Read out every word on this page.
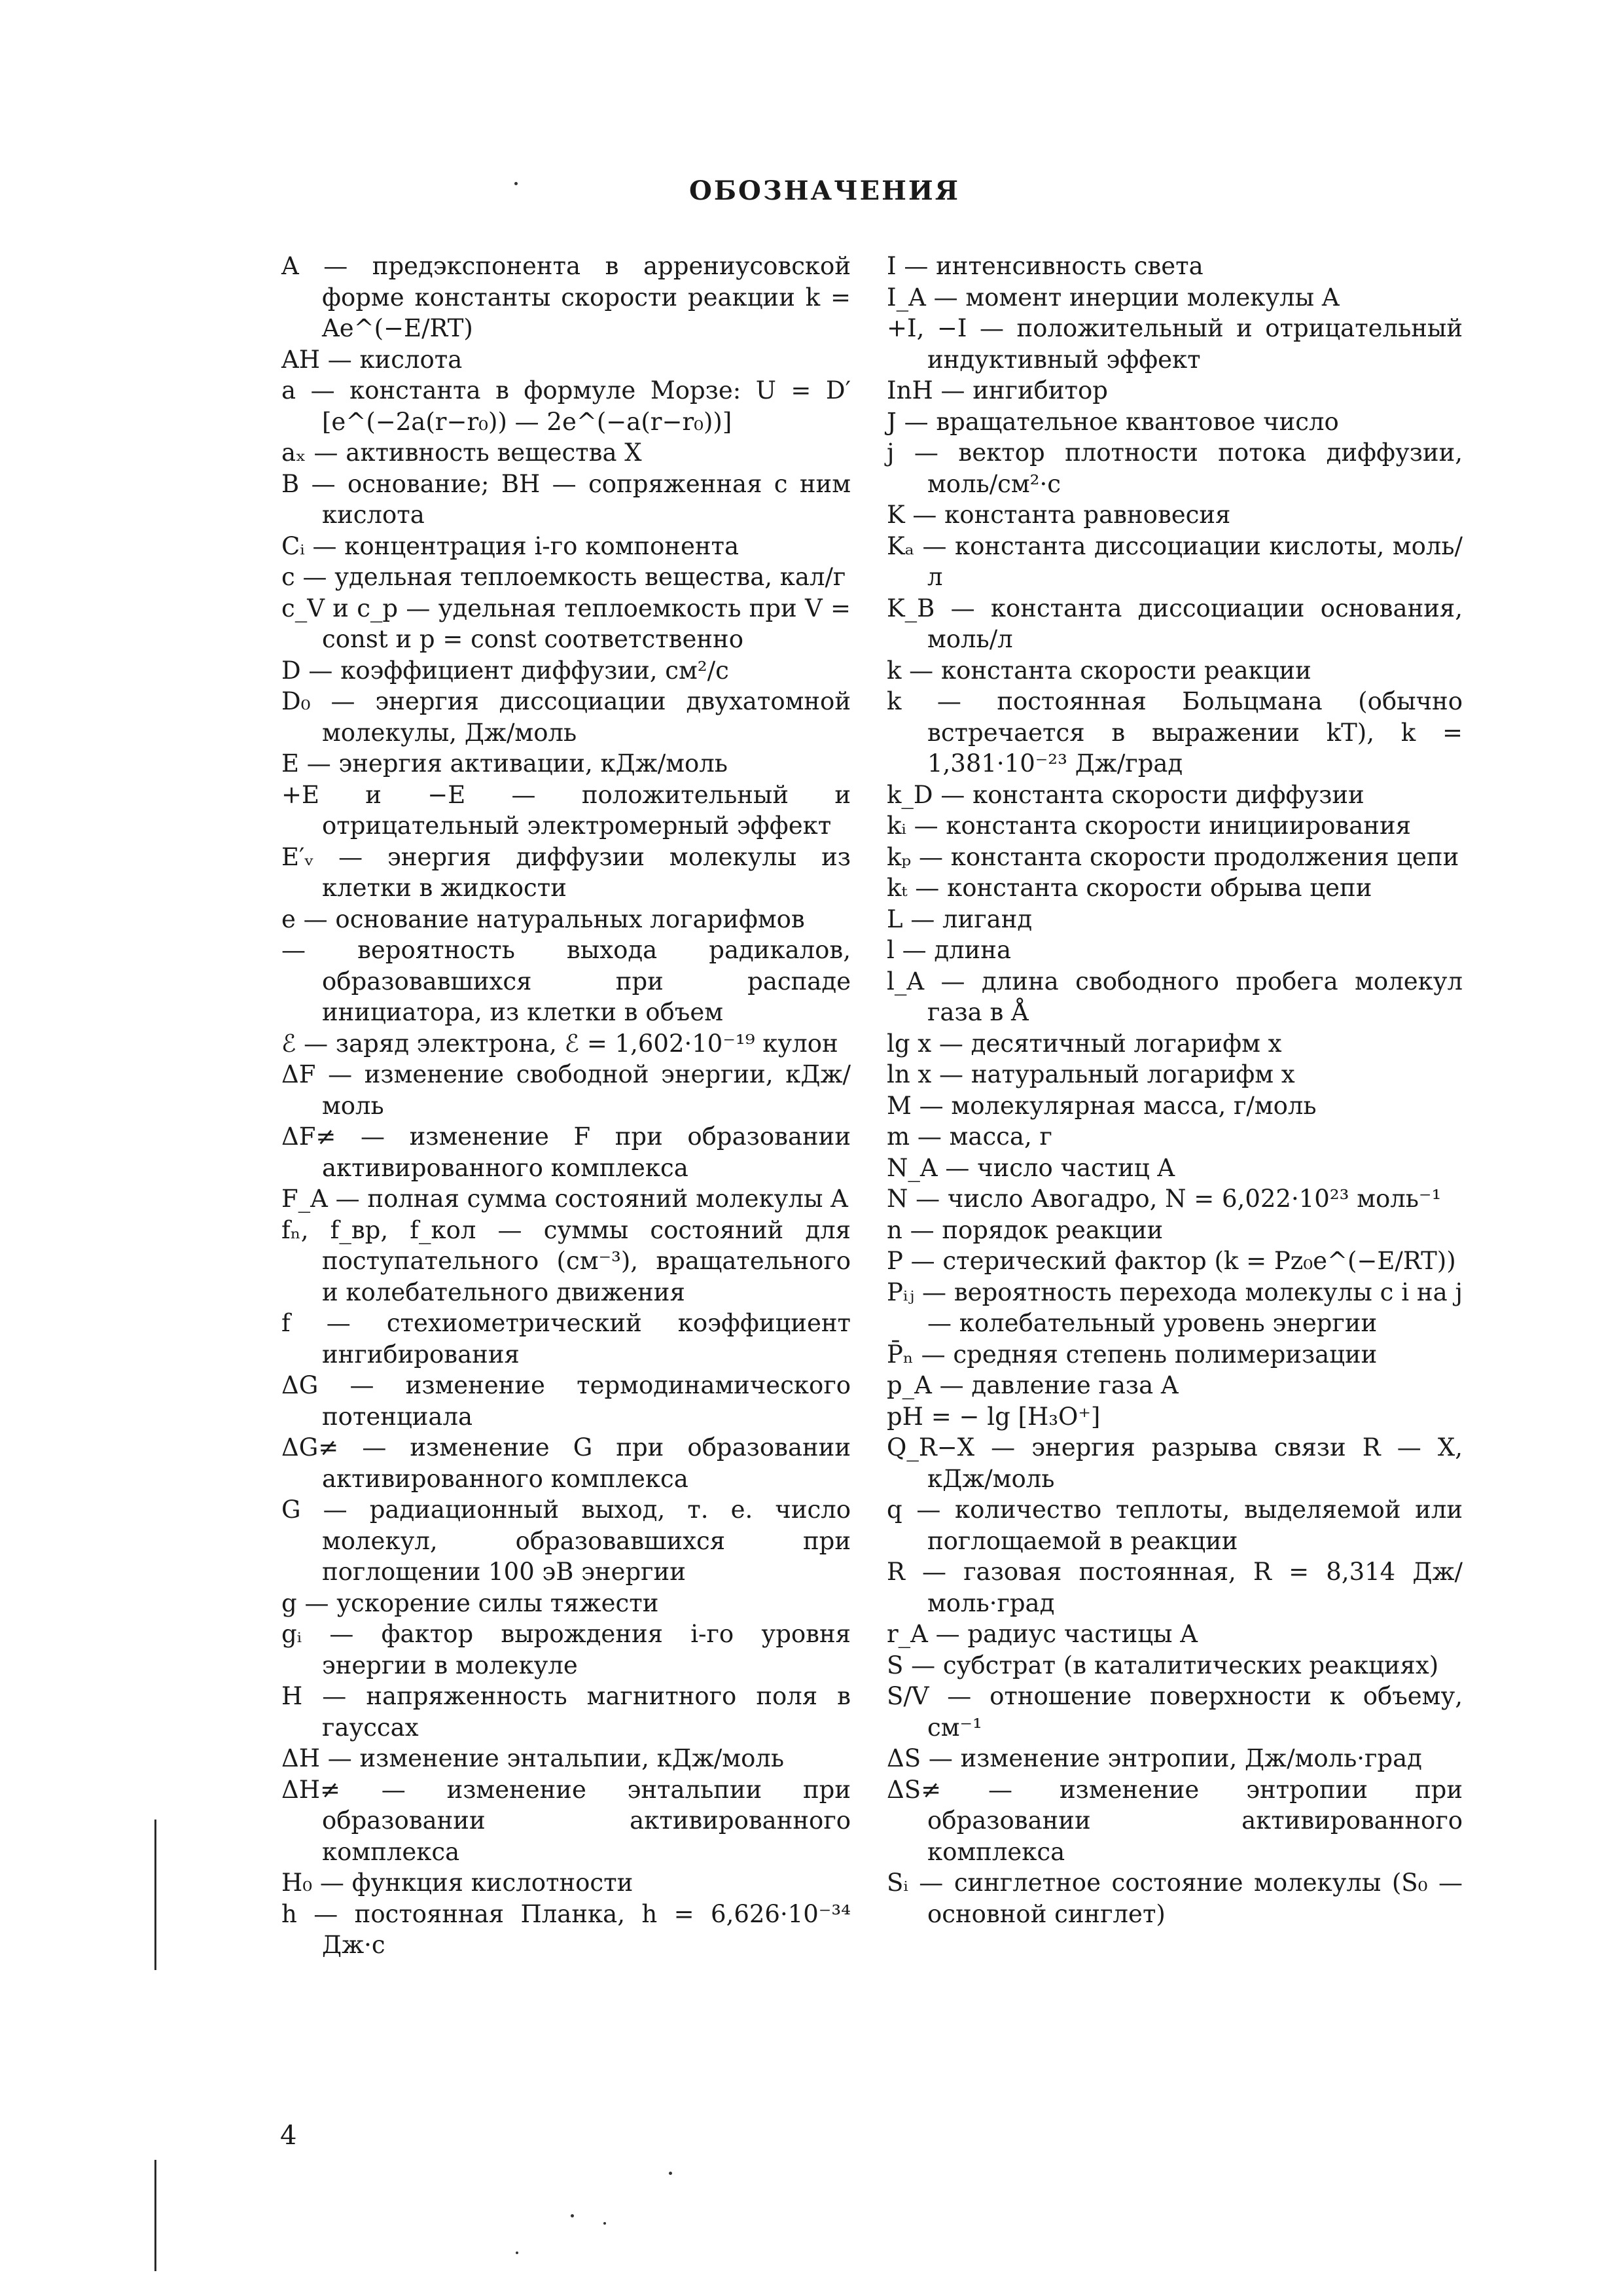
ОБОЗНАЧЕНИЯ

A — предэкспонента в аррениусовской форме константы скорости реакции k = Ae^(−E/RT)

AH — кислота

a — константа в формуле Морзе: U = D′[e^(−2a(r−r₀)) — 2e^(−a(r−r₀))]

aₓ — активность вещества X

B — основание; BH — сопряженная с ним кислота

Cᵢ — концентрация i-го компонента

c — удельная теплоемкость вещества, кал/г

c_V и c_p — удельная теплоемкость при V = const и p = const соответственно

D — коэффициент диффузии, см²/с

D₀ — энергия диссоциации двухатомной молекулы, Дж/моль

E — энергия активации, кДж/моль

+E и −E — положительный и отрицательный электромерный эффект

E′ᵥ — энергия диффузии молекулы из клетки в жидкости

e — основание натуральных логарифмов

— вероятность выхода радикалов, образовавшихся при распаде инициатора, из клетки в объем

ℰ — заряд электрона, ℰ = 1,602·10⁻¹⁹ кулон

ΔF — изменение свободной энергии, кДж/моль

ΔF≠ — изменение F при образовании активированного комплекса

F_A — полная сумма состояний молекулы A

fₙ, f_вр, f_кол — суммы состояний для поступательного (см⁻³), вращательного и колебательного движения

f — стехиометрический коэффициент ингибирования

ΔG — изменение термодинамического потенциала

ΔG≠ — изменение G при образовании активированного комплекса

G — радиационный выход, т. е. число молекул, образовавшихся при поглощении 100 эВ энергии

g — ускорение силы тяжести

gᵢ — фактор вырождения i-го уровня энергии в молекуле

H — напряженность магнитного поля в гауссах

ΔH — изменение энтальпии, кДж/моль

ΔH≠ — изменение энтальпии при образовании активированного комплекса

H₀ — функция кислотности

h — постоянная Планка, h = 6,626·10⁻³⁴ Дж·с

I — интенсивность света

I_A — момент инерции молекулы A

+I, −I — положительный и отрицательный индуктивный эффект

InH — ингибитор

J — вращательное квантовое число

j — вектор плотности потока диффузии, моль/см²·с

K — константа равновесия

Kₐ — константа диссоциации кислоты, моль/л

K_B — константа диссоциации основания, моль/л

k — константа скорости реакции

k — постоянная Больцмана (обычно встречается в выражении kT), k = 1,381·10⁻²³ Дж/град

k_D — константа скорости диффузии

kᵢ — константа скорости инициирования

kₚ — константа скорости продолжения цепи

kₜ — константа скорости обрыва цепи

L — лиганд

l — длина

l_A — длина свободного пробега молекул газа в Å

lg x — десятичный логарифм x

ln x — натуральный логарифм x

M — молекулярная масса, г/моль

m — масса, г

N_A — число частиц A

N — число Авогадро, N = 6,022·10²³ моль⁻¹

n — порядок реакции

P — стерический фактор (k = Pz₀e^(−E/RT))

Pᵢⱼ — вероятность перехода молекулы с i на j — колебательный уровень энергии

P̄ₙ — средняя степень полимеризации

p_A — давление газа A

pH = − lg [H₃O⁺]

Q_R−X — энергия разрыва связи R — X, кДж/моль

q — количество теплоты, выделяемой или поглощаемой в реакции

R — газовая постоянная, R = 8,314 Дж/моль·град

r_A — радиус частицы A

S — субстрат (в каталитических реакциях)

S/V — отношение поверхности к объему, см⁻¹

ΔS — изменение энтропии, Дж/моль·град

ΔS≠ — изменение энтропии при образовании активированного комплекса

Sᵢ — синглетное состояние молекулы (S₀ — основной синглет)

4
